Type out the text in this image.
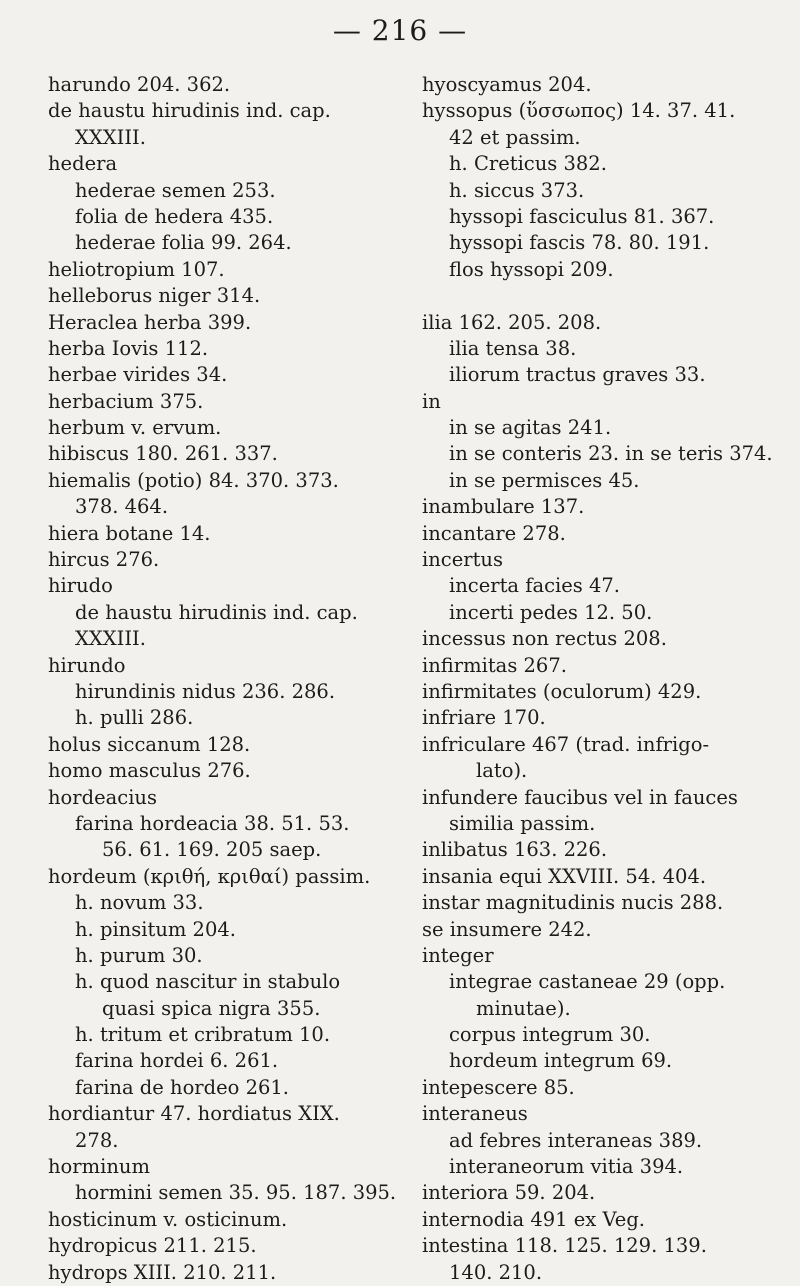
— 216 —
harundo 204. 362.
de haustu hirudinis ind. cap.
XXXIII.
hedera
hederae semen 253.
folia de hedera 435.
hederae folia 99. 264.
heliotropium 107.
helleborus niger 314.
Heraclea herba 399.
herba Iovis 112.
herbae virides 34.
herbacium 375.
herbum v. ervum.
hibiscus 180. 261. 337.
hiemalis (potio) 84. 370. 373.
378. 464.
hiera botane 14.
hircus 276.
hirudo
de haustu hirudinis ind. cap.
XXXIII.
hirundo
hirundinis nidus 236. 286.
h. pulli 286.
holus siccanum 128.
homo masculus 276.
hordeacius
farina hordeacia 38. 51. 53.
56. 61. 169. 205 saep.
hordeum (κριθή, κριθαί) passim.
h. novum 33.
h. pinsitum 204.
h. purum 30.
h. quod nascitur in stabulo
quasi spica nigra 355.
h. tritum et cribratum 10.
farina hordei 6. 261.
farina de hordeo 261.
hordiantur 47. hordiatus XIX.
278.
horminum
hormini semen 35. 95. 187. 395.
hosticinum v. osticinum.
hydropicus 211. 215.
hydrops XIII. 210. 211.
hyoscyamus 204.
hyssopus (ὕσσωπος) 14. 37. 41.
42 et passim.
h. Creticus 382.
h. siccus 373.
hyssopi fasciculus 81. 367.
hyssopi fascis 78. 80. 191.
flos hyssopi 209.
ilia 162. 205. 208.
ilia tensa 38.
iliorum tractus graves 33.
in
in se agitas 241.
in se conteris 23. in se teris 374.
in se permisces 45.
inambulare 137.
incantare 278.
incertus
incerta facies 47.
incerti pedes 12. 50.
incessus non rectus 208.
infirmitas 267.
infirmitates (oculorum) 429.
infriare 170.
infriculare 467 (trad. infrigo-
lato).
infundere faucibus vel in fauces
similia passim.
inlibatus 163. 226.
insania equi XXVIII. 54. 404.
instar magnitudinis nucis 288.
se insumere 242.
integer
integrae castaneae 29 (opp.
minutae).
corpus integrum 30.
hordeum integrum 69.
intepescere 85.
interaneus
ad febres interaneas 389.
interaneorum vitia 394.
interiora 59. 204.
internodia 491 ex Veg.
intestina 118. 125. 129. 139.
140. 210.
